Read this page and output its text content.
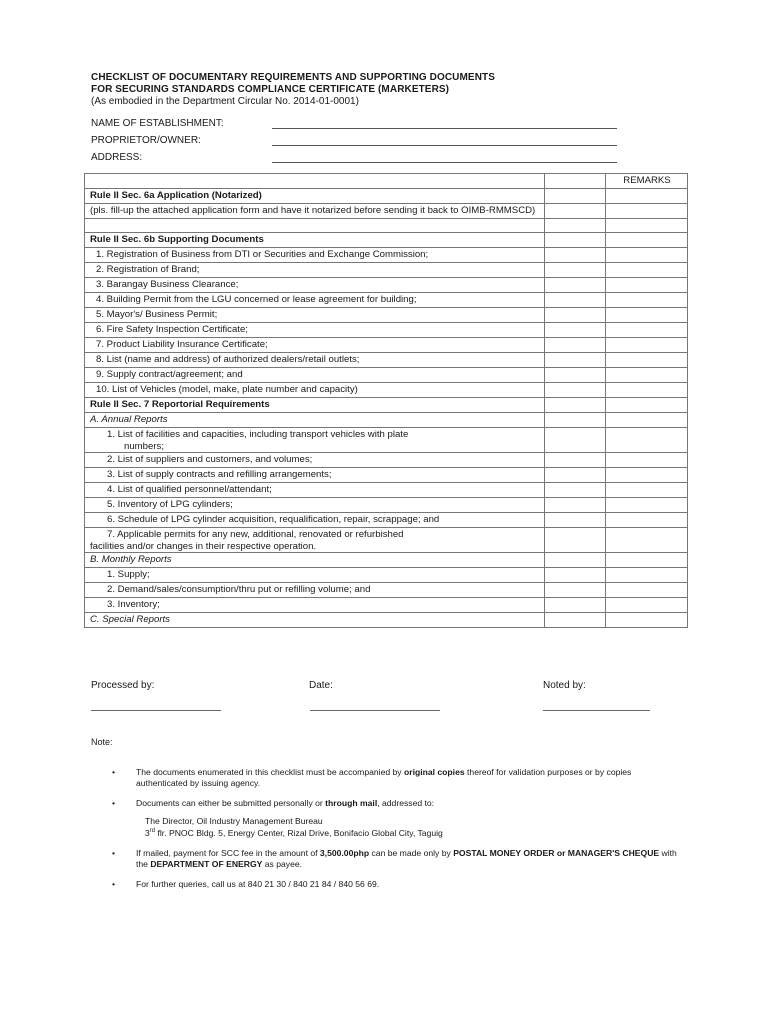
CHECKLIST OF DOCUMENTARY REQUIREMENTS AND SUPPORTING DOCUMENTS
FOR SECURING STANDARDS COMPLIANCE CERTIFICATE (MARKETERS)
(As embodied in the Department Circular No. 2014-01-0001)
NAME OF ESTABLISHMENT:
PROPRIETOR/OWNER:
ADDRESS:
		REMARKS
Rule II Sec. 6a Application (Notarized)		
(pls. fill-up the attached application form and have it notarized before sending it back to OIMB-RMMSCD)		

Rule II Sec. 6b Supporting Documents		
1. Registration of Business from DTI or Securities and Exchange Commission;		
2. Registration of Brand;		
3. Barangay Business Clearance;		
4. Building Permit from the LGU concerned or lease agreement for building;		
5. Mayor's/ Business Permit;		
6. Fire Safety Inspection Certificate;		
7. Product Liability Insurance Certificate;		
8. List (name and address) of authorized dealers/retail outlets;		
9. Supply contract/agreement; and		
10. List of Vehicles (model, make, plate number and capacity)		
Rule II Sec. 7 Reportorial Requirements		
A. Annual Reports		

1. List of facilities and capacities, including transport vehicles with plate
numbers;		

2. List of suppliers and customers, and volumes;		
3. List of supply contracts and refilling arrangements;		
4. List of qualified personnel/attendant;		
5. Inventory of LPG cylinders;		
6. Schedule of LPG cylinder acquisition, requalification, repair, scrappage; and		

7. Applicable permits for any new, additional, renovated or refurbished
facilities and/or changes in their respective operation.		

B. Monthly Reports		
1. Supply;		
2. Demand/sales/consumption/thru put or refilling volume; and		
3. Inventory;		
C. Special Reports		
Processed by:	Date:	Noted by:
Note:
• The documents enumerated in this checklist must be accompanied by original copies thereof for validation purposes or by copies authenticated by issuing agency.
• Documents can either be submitted personally or through mail, addressed to:
The Director, Oil Industry Management Bureau
3rd flr. PNOC Bldg. 5, Energy Center, Rizal Drive, Bonifacio Global City, Taguig
• If mailed, payment for SCC fee in the amount of 3,500.00php can be made only by POSTAL MONEY ORDER or MANAGER'S CHEQUE with the DEPARTMENT OF ENERGY as payee.
• For further queries, call us at 840 21 30 / 840 21 84 / 840 56 69.
